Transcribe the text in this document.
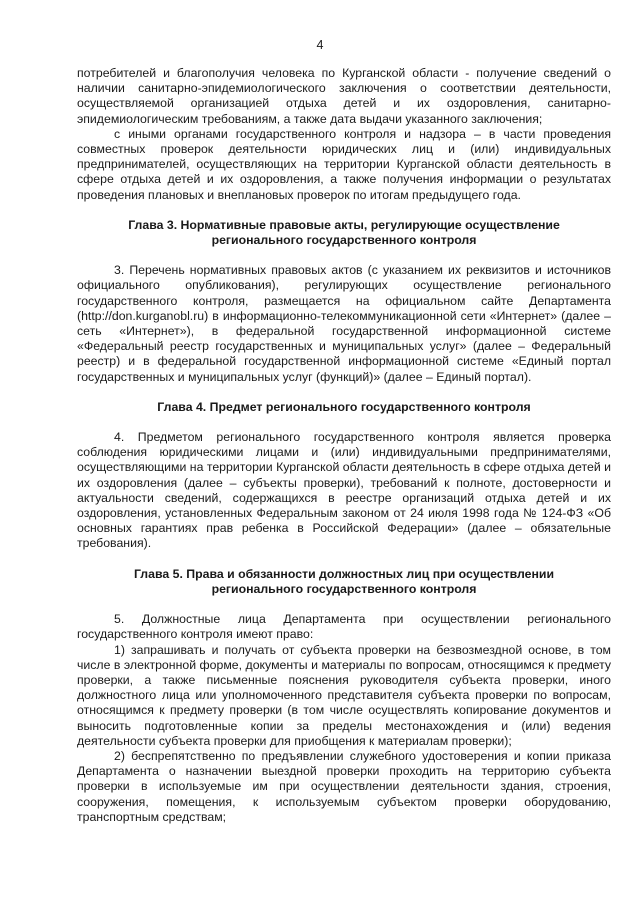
4

потребителей и благополучия человека по Курганской области - получение сведений о наличии санитарно-эпидемиологического заключения о соответствии деятельности, осуществляемой организацией отдыха детей и их оздоровления, санитарно-эпидемиологическим требованиям, а также дата выдачи указанного заключения;

с иными органами государственного контроля и надзора – в части проведения совместных проверок деятельности юридических лиц и (или) индивидуальных предпринимателей, осуществляющих на территории Курганской области деятельность в сфере отдыха детей и их оздоровления, а также получения информации о результатах проведения плановых и внеплановых проверок по итогам предыдущего года.

Глава 3. Нормативные правовые акты, регулирующие осуществление

регионального государственного контроля

3. Перечень нормативных правовых актов (с указанием их реквизитов и источников официального опубликования), регулирующих осуществление регионального государственного контроля, размещается на официальном сайте Департамента (http://don.kurganobl.ru) в информационно-телекоммуникационной сети «Интернет» (далее – сеть «Интернет»), в федеральной государственной информационной системе «Федеральный реестр государственных и муниципальных услуг» (далее – Федеральный реестр) и в федеральной государственной информационной системе «Единый портал государственных и муниципальных услуг (функций)» (далее – Единый портал).

Глава 4. Предмет регионального государственного контроля

4. Предметом регионального государственного контроля является проверка соблюдения юридическими лицами и (или) индивидуальными предпринимателями, осуществляющими на территории Курганской области деятельность в сфере отдыха детей и их оздоровления (далее – субъекты проверки), требований к полноте, достоверности и актуальности сведений, содержащихся в реестре организаций отдыха детей и их оздоровления, установленных Федеральным законом от 24 июля 1998 года № 124-ФЗ «Об основных гарантиях прав ребенка в Российской Федерации» (далее – обязательные требования).

Глава 5. Права и обязанности должностных лиц при осуществлении

регионального государственного контроля

5. Должностные лица Департамента при осуществлении регионального государственного контроля имеют право:

1) запрашивать и получать от субъекта проверки на безвозмездной основе, в том числе в электронной форме, документы и материалы по вопросам, относящимся к предмету проверки, а также письменные пояснения руководителя субъекта проверки, иного должностного лица или уполномоченного представителя субъекта проверки по вопросам, относящимся к предмету проверки (в том числе осуществлять копирование документов и выносить подготовленные копии за пределы местонахождения и (или) ведения деятельности субъекта проверки для приобщения к материалам проверки);

2) беспрепятственно по предъявлении служебного удостоверения и копии приказа Департамента о назначении выездной проверки проходить на территорию субъекта проверки в используемые им при осуществлении деятельности здания, строения, сооружения, помещения, к используемым субъектом проверки оборудованию, транспортным средствам;
